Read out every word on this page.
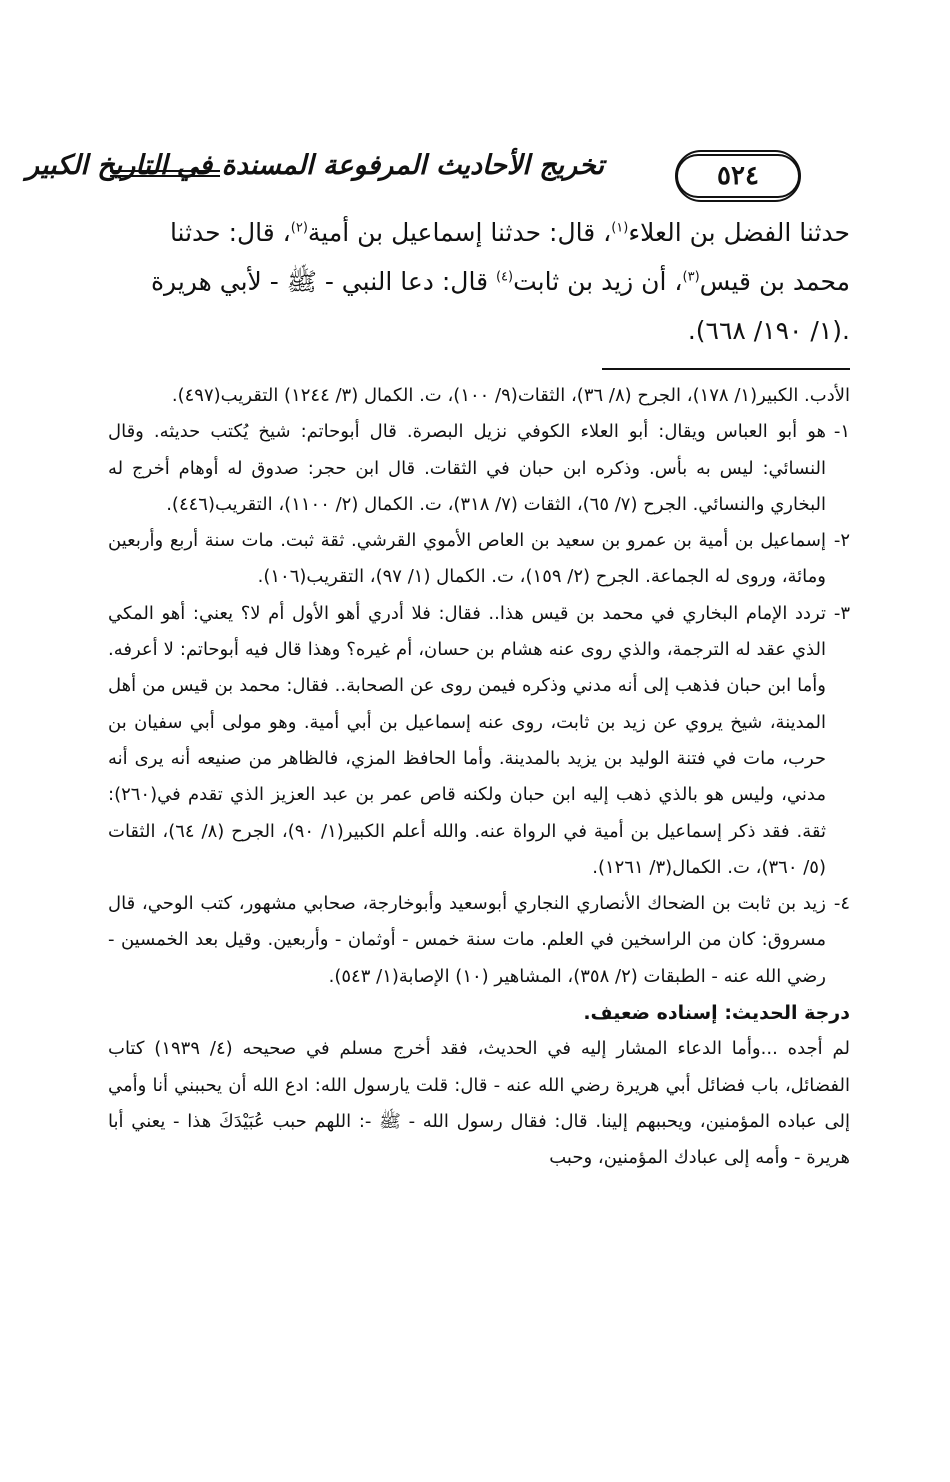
تخريج الأحاديث المرفوعة المسندة في التاريخ الكبير	٥٢٤

حدثنا الفضل بن العلاء$^{(١)}$، قال: حدثنا إسماعيل بن أمية$^{(٢)}$، قال: حدثنا

محمد بن قيس$^{(٣)}$، أن زيد بن ثابت$^{(٤)}$ قال: دعا النبي - ﷺ - لأبي هريرة

.(١/ ١٩٠/ ٦٦٨).

الأدب. الكبير(١/ ١٧٨)، الجرح (٨/ ٣٦)، الثقات(٩/ ١٠٠)، ت. الكمال (٣/ ١٢٤٤) التقريب(٤٩٧).

١-
هو أبو العباس ويقال: أبو العلاء الكوفي نزيل البصرة. قال أبوحاتم: شيخ يُكتب حديثه. وقال النسائي: ليس به بأس. وذكره ابن حبان في الثقات. قال ابن حجر: صدوق له أوهام أخرج له البخاري والنسائي. الجرح (٧/ ٦٥)، الثقات (٧/ ٣١٨)، ت. الكمال (٢/ ١١٠٠)، التقريب(٤٤٦).

٢-
إسماعيل بن أمية بن عمرو بن سعيد بن العاص الأموي القرشي. ثقة ثبت. مات سنة أربع وأربعين ومائة، وروى له الجماعة. الجرح (٢/ ١٥٩)، ت. الكمال (١/ ٩٧)، التقريب(١٠٦).

٣-
تردد الإمام البخاري في محمد بن قيس هذا.. فقال: فلا أدري أهو الأول أم لا؟ يعني: أهو المكي الذي عقد له الترجمة، والذي روى عنه هشام بن حسان، أم غيره؟ وهذا قال فيه أبوحاتم: لا أعرفه. وأما ابن حبان فذهب إلى أنه مدني وذكره فيمن روى عن الصحابة.. فقال: محمد بن قيس من أهل المدينة، شيخ يروي عن زيد بن ثابت، روى عنه إسماعيل بن أبي أمية. وهو مولى أبي سفيان بن حرب، مات في فتنة الوليد بن يزيد بالمدينة. وأما الحافظ المزي، فالظاهر من صنيعه أنه يرى أنه مدني، وليس هو بالذي ذهب إليه ابن حبان ولكنه قاص عمر بن عبد العزيز الذي تقدم في(٢٦٠): ثقة. فقد ذكر إسماعيل بن أمية في الرواة عنه. والله أعلم الكبير(١/ ٩٠)، الجرح (٨/ ٦٤)، الثقات (٥/ ٣٦٠)، ت. الكمال(٣/ ١٢٦١).

٤-
زيد بن ثابت بن الضحاك الأنصاري النجاري أبوسعيد وأبوخارجة، صحابي مشهور، كتب الوحي، قال مسروق: كان من الراسخين في العلم. مات سنة خمس - أوثمان - وأربعين. وقيل بعد الخمسين - رضي الله عنه - الطبقات (٢/ ٣٥٨)، المشاهير (١٠) الإصابة(١/ ٥٤٣).

درجة الحديث: إسناده ضعيف.

لم أجده ...وأما الدعاء المشار إليه في الحديث، فقد أخرج مسلم في صحيحه (٤/ ١٩٣٩) كتاب الفضائل، باب فضائل أبي هريرة رضي الله عنه - قال: قلت يارسول الله: ادع الله أن يحببني أنا وأمي إلى عباده المؤمنين، ويحببهم إلينا. قال: فقال رسول الله - ﷺ -: اللهم حبب عُبَيْدَكَ هذا - يعني أبا هريرة - وأمه إلى عبادك المؤمنين، وحبب
